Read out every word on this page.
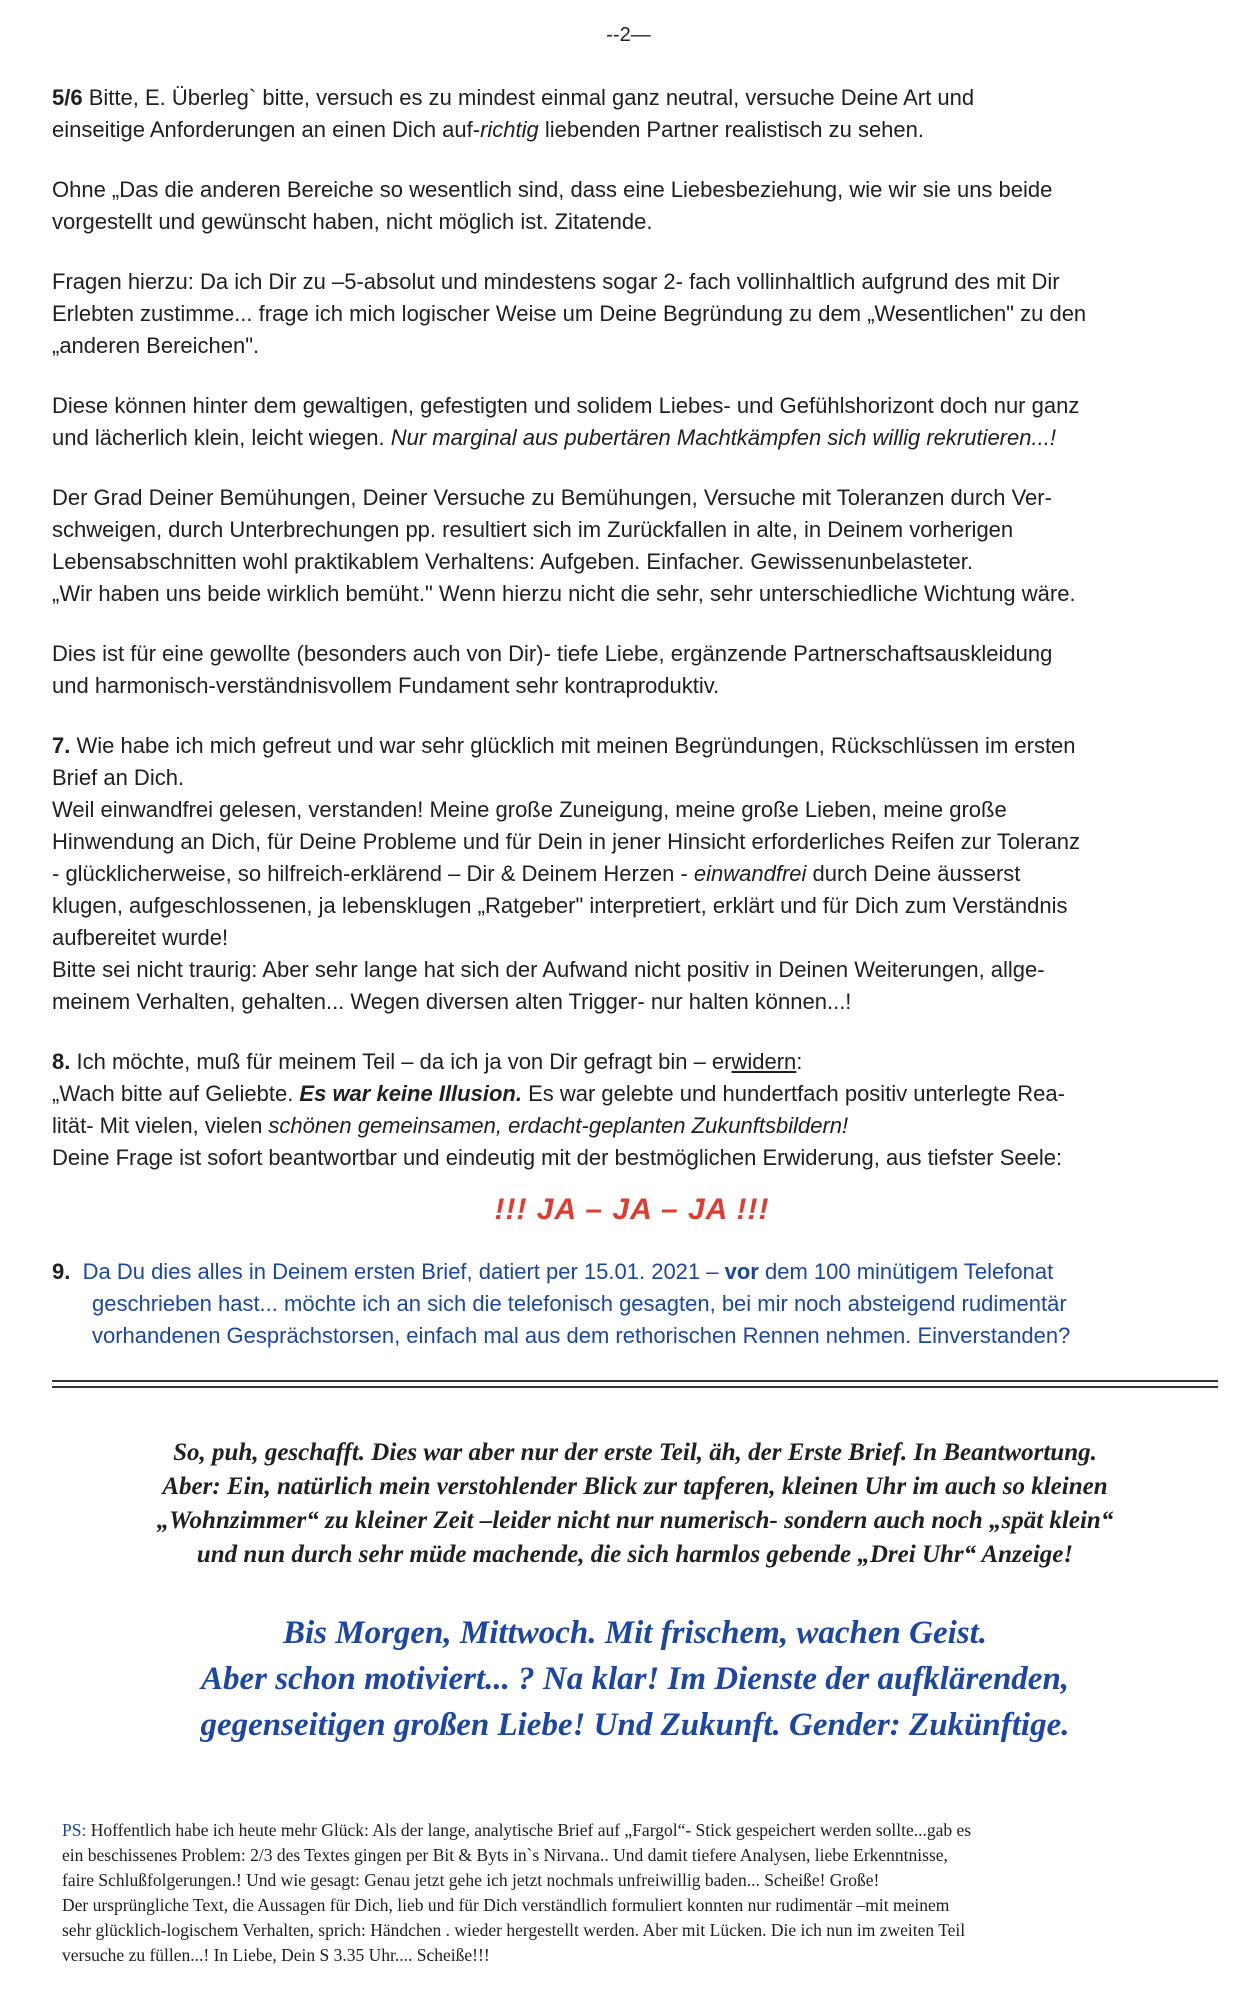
--2—

5/6 Bitte, E. Überleg` bitte, versuch es zu mindest einmal ganz neutral, versuche Deine Art und

einseitige Anforderungen an einen Dich auf-richtig liebenden Partner realistisch zu sehen.

Ohne „Das die anderen Bereiche so wesentlich sind, dass eine Liebesbeziehung, wie wir sie uns beide

vorgestellt und gewünscht haben, nicht möglich ist. Zitatende.

Fragen hierzu: Da ich Dir zu –5-absolut und mindestens sogar 2- fach vollinhaltlich aufgrund des mit Dir

Erlebten zustimme... frage ich mich logischer Weise um Deine Begründung zu dem „Wesentlichen" zu den

„anderen Bereichen".

Diese können hinter dem gewaltigen, gefestigten und solidem Liebes- und Gefühlshorizont doch nur ganz

und lächerlich klein, leicht wiegen. Nur marginal aus pubertären Machtkämpfen sich willig rekrutieren...!

Der Grad Deiner Bemühungen, Deiner Versuche zu Bemühungen, Versuche mit Toleranzen durch Ver-

schweigen, durch Unterbrechungen pp. resultiert sich im Zurückfallen in alte, in Deinem vorherigen

Lebensabschnitten wohl praktikablem Verhaltens: Aufgeben. Einfacher. Gewissenunbelasteter.

„Wir haben uns beide wirklich bemüht." Wenn hierzu nicht die sehr, sehr unterschiedliche Wichtung wäre.

Dies ist für eine gewollte (besonders auch von Dir)- tiefe Liebe, ergänzende Partnerschaftsauskleidung

und harmonisch-verständnisvollem Fundament sehr kontraproduktiv.

7. Wie habe ich mich gefreut und war sehr glücklich mit meinen Begründungen, Rückschlüssen im ersten

Brief an Dich.

Weil einwandfrei gelesen, verstanden! Meine große Zuneigung, meine große Lieben, meine große

Hinwendung an Dich, für Deine Probleme und für Dein in jener Hinsicht erforderliches Reifen zur Toleranz

- glücklicherweise, so hilfreich-erklärend – Dir & Deinem Herzen - einwandfrei durch Deine äusserst

klugen, aufgeschlossenen, ja lebensklugen „Ratgeber" interpretiert, erklärt und für Dich zum Verständnis

aufbereitet wurde!

Bitte sei nicht traurig: Aber sehr lange hat sich der Aufwand nicht positiv in Deinen Weiterungen, allge-

meinem Verhalten, gehalten... Wegen diversen alten Trigger- nur halten können...!

8. Ich möchte, muß für meinem Teil – da ich ja von Dir gefragt bin – erwidern:

„Wach bitte auf Geliebte. Es war keine Illusion. Es war gelebte und hundertfach positiv unterlegte Rea-

lität- Mit vielen, vielen schönen gemeinsamen, erdacht-geplanten Zukunftsbildern!

Deine Frage ist sofort beantwortbar und eindeutig mit der bestmöglichen Erwiderung, aus tiefster Seele:

!!! JA – JA – JA !!!

9. Da Du dies alles in Deinem ersten Brief, datiert per 15.01. 2021 – vor dem 100 minütigem Telefonat

geschrieben hast... möchte ich an sich die telefonisch gesagten, bei mir noch absteigend rudimentär

vorhandenen Gesprächstorsen, einfach mal aus dem rethorischen Rennen nehmen. Einverstanden?

So, puh, geschafft. Dies war aber nur der erste Teil, äh, der Erste Brief. In Beantwortung.

Aber: Ein, natürlich mein verstohlender Blick zur tapferen, kleinen Uhr im auch so kleinen

„Wohnzimmer“ zu kleiner Zeit –leider nicht nur numerisch- sondern auch noch „spät klein“

und nun durch sehr müde machende, die sich harmlos gebende „Drei Uhr“ Anzeige!

Bis Morgen, Mittwoch. Mit frischem, wachen Geist.

Aber schon motiviert... ? Na klar! Im Dienste der aufklärenden,

gegenseitigen großen Liebe! Und Zukunft. Gender: Zukünftige.

PS: Hoffentlich habe ich heute mehr Glück: Als der lange, analytische Brief auf „Fargol“- Stick gespeichert werden sollte...gab es

ein beschissenes Problem: 2/3 des Textes gingen per Bit & Byts in`s Nirvana.. Und damit tiefere Analysen, liebe Erkenntnisse,

faire Schlußfolgerungen.! Und wie gesagt: Genau jetzt gehe ich jetzt nochmals unfreiwillig baden... Scheiße! Große!

Der ursprüngliche Text, die Aussagen für Dich, lieb und für Dich verständlich formuliert konnten nur rudimentär –mit meinem

sehr glücklich-logischem Verhalten, sprich: Händchen . wieder hergestellt werden. Aber mit Lücken. Die ich nun im zweiten Teil

versuche zu füllen...! In Liebe, Dein S 3.35 Uhr.... Scheiße!!!
